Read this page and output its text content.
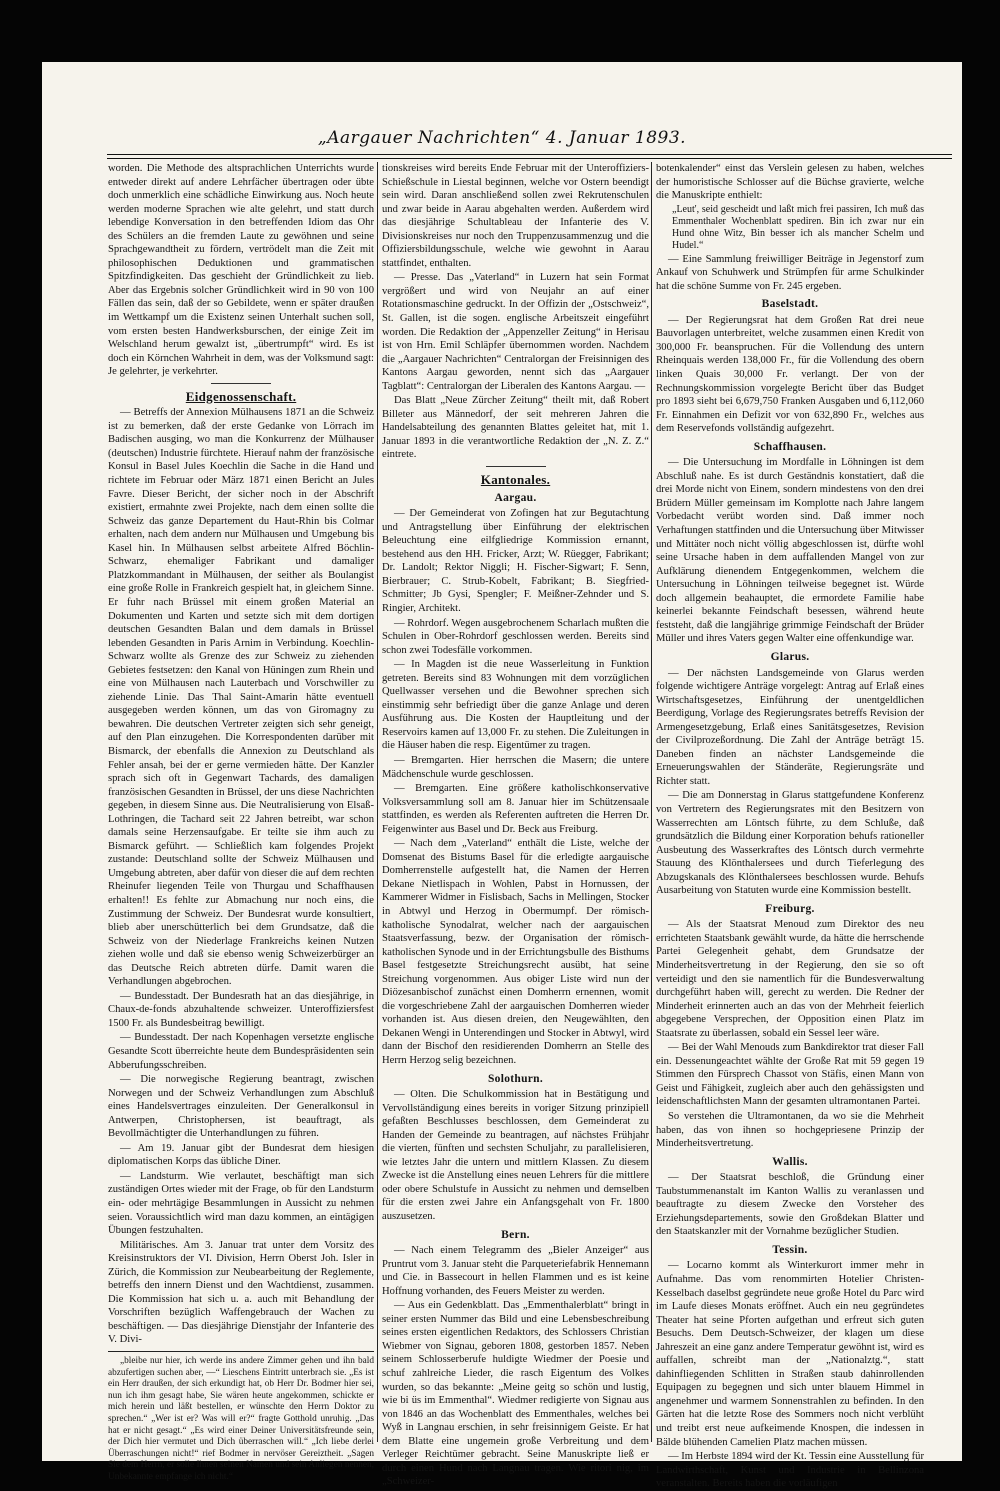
„Aargauer Nachrichten“ 4. Januar 1893.

worden. Die Methode des altsprachlichen Unterrichts wurde entweder direkt auf andere Lehrfächer übertragen oder übte doch unmerklich eine schädliche Einwirkung aus. Noch heute werden moderne Sprachen wie alte gelehrt, und statt durch lebendige Konversation in den betreffenden Idiom das Ohr des Schülers an die fremden Laute zu gewöhnen und seine Sprachgewandtheit zu fördern, vertrödelt man die Zeit mit philosophischen Deduktionen und grammatischen Spitzfindigkeiten. Das geschieht der Gründlichkeit zu lieb. Aber das Ergebnis solcher Gründlichkeit wird in 90 von 100 Fällen das sein, daß der so Gebildete, wenn er später draußen im Wettkampf um die Existenz seinen Unterhalt suchen soll, vom ersten besten Handwerksburschen, der einige Zeit im Welschland herum gewalzt ist, „übertrumpft“ wird. Es ist doch ein Körnchen Wahrheit in dem, was der Volksmund sagt: Je gelehrter, je verkehrter.

Eidgenossenschaft.

— Betreffs der Annexion Mülhausens 1871 an die Schweiz ist zu bemerken, daß der erste Gedanke von Lörrach im Badischen ausging, wo man die Konkurrenz der Mülhauser (deutschen) Industrie fürchtete. Hierauf nahm der französische Konsul in Basel Jules Koechlin die Sache in die Hand und richtete im Februar oder März 1871 einen Bericht an Jules Favre. Dieser Bericht, der sicher noch in der Abschrift existiert, ermahnte zwei Projekte, nach dem einen sollte die Schweiz das ganze Departement du Haut-Rhin bis Colmar erhalten, nach dem andern nur Mülhausen und Umgebung bis Kasel hin. In Mülhausen selbst arbeitete Alfred Böchlin-Schwarz, ehemaliger Fabrikant und damaliger Platzkommandant in Mülhausen, der seither als Boulangist eine große Rolle in Frankreich gespielt hat, in gleichem Sinne. Er fuhr nach Brüssel mit einem großen Material an Dokumenten und Karten und setzte sich mit dem dortigen deutschen Gesandten Balan und dem damals in Brüssel lebenden Gesandten in Paris Arnim in Verbindung. Koechlin-Schwarz wollte als Grenze des zur Schweiz zu ziehenden Gebietes festsetzen: den Kanal von Hüningen zum Rhein und eine von Mülhausen nach Lauterbach und Vorschwiller zu ziehende Linie. Das Thal Saint-Amarin hätte eventuell ausgegeben werden können, um das von Giromagny zu bewahren. Die deutschen Vertreter zeigten sich sehr geneigt, auf den Plan einzugehen. Die Korrespondenten darüber mit Bismarck, der ebenfalls die Annexion zu Deutschland als Fehler ansah, bei der er gerne vermieden hätte. Der Kanzler sprach sich oft in Gegenwart Tachards, des damaligen französischen Gesandten in Brüssel, der uns diese Nachrichten gegeben, in diesem Sinne aus. Die Neutralisierung von Elsaß-Lothringen, die Tachard seit 22 Jahren betreibt, war schon damals seine Herzensaufgabe. Er teilte sie ihm auch zu Bismarck geführt. — Schließlich kam folgendes Projekt zustande: Deutschland sollte der Schweiz Mülhausen und Umgebung abtreten, aber dafür von dieser die auf dem rechten Rheinufer liegenden Teile von Thurgau und Schaffhausen erhalten!! Es fehlte zur Abmachung nur noch eins, die Zustimmung der Schweiz. Der Bundesrat wurde konsultiert, blieb aber unerschütterlich bei dem Grundsatze, daß die Schweiz von der Niederlage Frankreichs keinen Nutzen ziehen wolle und daß sie ebenso wenig Schweizerbürger an das Deutsche Reich abtreten dürfe. Damit waren die Verhandlungen abgebrochen.

— Bundesstadt. Der Bundesrath hat an das diesjährige, in Chaux-de-fonds abzuhaltende schweizer. Unteroffiziersfest 1500 Fr. als Bundesbeitrag bewilligt.

— Bundesstadt. Der nach Kopenhagen versetzte englische Gesandte Scott überreichte heute dem Bundespräsidenten sein Abberufungsschreiben.

— Die norwegische Regierung beantragt, zwischen Norwegen und der Schweiz Verhandlungen zum Abschluß eines Handelsvertrages einzuleiten. Der Generalkonsul in Antwerpen, Christophersen, ist beauftragt, als Bevollmächtigter die Unterhandlungen zu führen.

— Am 19. Januar gibt der Bundesrat dem hiesigen diplomatischen Korps das übliche Diner.

— Landsturm. Wie verlautet, beschäftigt man sich zuständigen Ortes wieder mit der Frage, ob für den Landsturm ein- oder mehrtägige Besammlungen in Aussicht zu nehmen seien. Voraussichtlich wird man dazu kommen, an eintägigen Übungen festzuhalten.

Militärisches. Am 3. Januar trat unter dem Vorsitz des Kreisinstruktors der VI. Division, Herrn Oberst Joh. Isler in Zürich, die Kommission zur Neubearbeitung der Reglemente, betreffs den innern Dienst und den Wachtdienst, zusammen. Die Kommission hat sich u. a. auch mit Behandlung der Vorschriften bezüglich Waffengebrauch der Wachen zu beschäftigen. — Das diesjährige Dienstjahr der Infanterie des V. Divi-

„bleibe nur hier, ich werde ins andere Zimmer gehen und ihn bald abzufertigen suchen aber, —“ Lieschens Eintritt unterbrach sie. „Es ist ein Herr draußen, der sich erkundigt hat, ob Herr Dr. Bodmer hier sei, nun ich ihm gesagt habe, Sie wären heute angekommen, schickte er mich herein und läßt bestellen, er wünschte den Herrn Doktor zu sprechen.“ „Wer ist er? Was will er?“ fragte Gotthold unruhig. „Das hat er nicht gesagt.“ „Es wird einer Deiner Universitätsfreunde sein, der Dich hier vermutet und Dich überraschen will.“ „Ich liebe derlei Überraschungen nicht!“ rief Bodmer in nervöser Gereiztheit. „Sagen Sie dem Herrn, er solle Ihnen seinen Namen und sein Anliegen nennen, Unbekannte empfange ich nicht.“

tionskreises wird bereits Ende Februar mit der Unteroffiziers-Schießschule in Liestal beginnen, welche vor Ostern beendigt sein wird. Daran anschließend sollen zwei Rekrutenschulen und zwar beide in Aarau abgehalten werden. Außerdem wird das diesjährige Schultableau der Infanterie des V. Divisionskreises nur noch den Truppenzusammenzug und die Offiziersbildungsschule, welche wie gewohnt in Aarau stattfindet, enthalten.

— Presse. Das „Vaterland“ in Luzern hat sein Format vergrößert und wird von Neujahr an auf einer Rotationsmaschine gedruckt. In der Offizin der „Ostschweiz“, St. Gallen, ist die sogen. englische Arbeitszeit eingeführt worden. Die Redaktion der „Appenzeller Zeitung“ in Herisau ist von Hrn. Emil Schläpfer übernommen worden. Nachdem die „Aargauer Nachrichten“ Centralorgan der Freisinnigen des Kantons Aargau geworden, nennt sich das „Aargauer Tagblatt“: Centralorgan der Liberalen des Kantons Aargau. —

Das Blatt „Neue Zürcher Zeitung“ theilt mit, daß Robert Billeter aus Männedorf, der seit mehreren Jahren die Handelsabteilung des genannten Blattes geleitet hat, mit 1. Januar 1893 in die verantwortliche Redaktion der „N. Z. Z.“ eintrete.

Kantonales.
Aargau.

— Der Gemeinderat von Zofingen hat zur Begutachtung und Antragstellung über Einführung der elektrischen Beleuchtung eine eilfgliedrige Kommission ernannt, bestehend aus den HH. Fricker, Arzt; W. Rüegger, Fabrikant; Dr. Landolt; Rektor Niggli; H. Fischer-Sigwart; F. Senn, Bierbrauer; C. Strub-Kobelt, Fabrikant; B. Siegfried-Schmitter; Jb Gysi, Spengler; F. Meißner-Zehnder und S. Ringier, Architekt.

— Rohrdorf. Wegen ausgebrochenem Scharlach mußten die Schulen in Ober-Rohrdorf geschlossen werden. Bereits sind schon zwei Todesfälle vorkommen.

— In Magden ist die neue Wasserleitung in Funktion getreten. Bereits sind 83 Wohnungen mit dem vorzüglichen Quellwasser versehen und die Bewohner sprechen sich einstimmig sehr befriedigt über die ganze Anlage und deren Ausführung aus. Die Kosten der Hauptleitung und der Reservoirs kamen auf 13,000 Fr. zu stehen. Die Zuleitungen in die Häuser haben die resp. Eigentümer zu tragen.

— Bremgarten. Hier herrschen die Masern; die untere Mädchenschule wurde geschlossen.

— Bremgarten. Eine größere katholischkonservative Volksversammlung soll am 8. Januar hier im Schützensaale stattfinden, es werden als Referenten auftreten die Herren Dr. Feigenwinter aus Basel und Dr. Beck aus Freiburg.

— Nach dem „Vaterland“ enthält die Liste, welche der Domsenat des Bistums Basel für die erledigte aargauische Domherrenstelle aufgestellt hat, die Namen der Herren Dekane Nietlispach in Wohlen, Pabst in Hornussen, der Kammerer Widmer in Fislisbach, Sachs in Mellingen, Stocker in Abtwyl und Herzog in Obermumpf. Der römisch-katholische Synodalrat, welcher nach der aargauischen Staatsverfassung, bezw. der Organisation der römisch-katholischen Synode und in der Errichtungsbulle des Bisthums Basel festgesetzte Streichungsrecht ausübt, hat seine Streichung vorgenommen. Aus obiger Liste wird nun der Diözesanbischof zunächst einen Domherrn ernennen, womit die vorgeschriebene Zahl der aargauischen Domherren wieder vorhanden ist. Aus diesen dreien, den Neugewählten, den Dekanen Wengi in Unterendingen und Stocker in Abtwyl, wird dann der Bischof den residierenden Domherrn an Stelle des Herrn Herzog selig bezeichnen.

Solothurn.

— Olten. Die Schulkommission hat in Bestätigung und Vervollständigung eines bereits in voriger Sitzung prinzipiell gefaßten Beschlusses beschlossen, dem Gemeinderat zu Handen der Gemeinde zu beantragen, auf nächstes Frühjahr die vierten, fünften und sechsten Schuljahr, zu parallelisieren, wie letztes Jahr die untern und mittlern Klassen. Zu diesem Zwecke ist die Anstellung eines neuen Lehrers für die mittlere oder obere Schulstufe in Aussicht zu nehmen und demselben für die ersten zwei Jahre ein Anfangsgehalt von Fr. 1800 auszusetzen.

Bern.

— Nach einem Telegramm des „Bieler Anzeiger“ aus Pruntrut vom 3. Januar steht die Parqueteriefabrik Hennemann und Cie. in Bassecourt in hellen Flammen und es ist keine Hoffnung vorhanden, des Feuers Meister zu werden.

— Aus ein Gedenkblatt. Das „Emmenthalerblatt“ bringt in seiner ersten Nummer das Bild und eine Lebensbeschreibung seines ersten eigentlichen Redaktors, des Schlossers Christian Wiebmer von Signau, geboren 1808, gestorben 1857. Neben seinem Schlosserberufe huldigte Wiedmer der Poesie und schuf zahlreiche Lieder, die rasch Eigentum des Volkes wurden, so das bekannte: „Meine geitg so schön und lustig, wie bi üs im Emmenthal“. Wiedmer redigierte von Signau aus von 1846 an das Wochenblatt des Emmenthales, welches bei Wyß in Langnau erschien, in sehr freisinnigem Geiste. Er hat dem Blatte eine ungemein große Verbreitung und dem Verleger Reichtümer gebracht. Seine Manuskripte ließ er durch einen Hund nach Langnau tragen. Wie ritori nig, im „Schweizer-

botenkalender“ einst das Verslein gelesen zu haben, welches der humoristische Schlosser auf die Büchse gravierte, welche die Manuskripte enthielt:

„Leut', seid gescheidt und laßt mich frei passiren, Ich muß das Emmenthaler Wochenblatt spediren. Bin ich zwar nur ein Hund ohne Witz, Bin besser ich als mancher Schelm und Hudel.“

— Eine Sammlung freiwilliger Beiträge in Jegenstorf zum Ankauf von Schuhwerk und Strümpfen für arme Schulkinder hat die schöne Summe von Fr. 245 ergeben.

Baselstadt.

— Der Regierungsrat hat dem Großen Rat drei neue Bauvorlagen unterbreitet, welche zusammen einen Kredit von 300,000 Fr. beanspruchen. Für die Vollendung des untern Rheinquais werden 138,000 Fr., für die Vollendung des obern linken Quais 30,000 Fr. verlangt. Der von der Rechnungskommission vorgelegte Bericht über das Budget pro 1893 sieht bei 6,679,750 Franken Ausgaben und 6,112,060 Fr. Einnahmen ein Defizit vor von 632,890 Fr., welches aus dem Reservefonds vollständig aufgezehrt.

Schaffhausen.

— Die Untersuchung im Mordfalle in Löhningen ist dem Abschluß nahe. Es ist durch Geständnis konstatiert, daß die drei Morde nicht von Einem, sondern mindestens von den drei Brüdern Müller gemeinsam im Komplotte nach Jahre langem Vorbedacht verübt worden sind. Daß immer noch Verhaftungen stattfinden und die Untersuchung über Mitwisser und Mittäter noch nicht völlig abgeschlossen ist, dürfte wohl seine Ursache haben in dem auffallenden Mangel von zur Aufklärung dienendem Entgegenkommen, welchem die Untersuchung in Löhningen teilweise begegnet ist. Würde doch allgemein beahauptet, die ermordete Familie habe keinerlei bekannte Feindschaft besessen, während heute feststeht, daß die langjährige grimmige Feindschaft der Brüder Müller und ihres Vaters gegen Walter eine offenkundige war.

Glarus.

— Der nächsten Landsgemeinde von Glarus werden folgende wichtigere Anträge vorgelegt: Antrag auf Erlaß eines Wirtschaftsgesetzes, Einführung der unentgeldlichen Beerdigung, Vorlage des Regierungsrates betreffs Revision der Armengesetzgebung, Erlaß eines Sanitätsgesetzes, Revision der Civilprozeßordnung. Die Zahl der Anträge beträgt 15. Daneben finden an nächster Landsgemeinde die Erneuerungswahlen der Ständeräte, Regierungsräte und Richter statt.

— Die am Donnerstag in Glarus stattgefundene Konferenz von Vertretern des Regierungsrates mit den Besitzern von Wasserrechten am Löntsch führte, zu dem Schluße, daß grundsätzlich die Bildung einer Korporation behufs rationeller Ausbeutung des Wasserkraftes des Löntsch durch vermehrte Stauung des Klönthalersees und durch Tieferlegung des Abzugskanals des Klönthalersees beschlossen wurde. Behufs Ausarbeitung von Statuten wurde eine Kommission bestellt.

Freiburg.

— Als der Staatsrat Menoud zum Direktor des neu errichteten Staatsbank gewählt wurde, da hätte die herrschende Partei Gelegenheit gehabt, dem Grundsatze der Minderheitsvertretung in der Regierung, den sie so oft verteidigt und den sie namentlich für die Bundesverwaltung durchgeführt haben will, gerecht zu werden. Die Redner der Minderheit erinnerten auch an das von der Mehrheit feierlich abgegebene Versprechen, der Opposition einen Platz im Staatsrate zu überlassen, sobald ein Sessel leer wäre.

— Bei der Wahl Menouds zum Bankdirektor trat dieser Fall ein. Dessenungeachtet wählte der Große Rat mit 59 gegen 19 Stimmen den Fürsprech Chassot von Stäfis, einen Mann von Geist und Fähigkeit, zugleich aber auch den gehässigsten und leidenschaftlichsten Mann der gesamten ultramontanen Partei.

So verstehen die Ultramontanen, da wo sie die Mehrheit haben, das von ihnen so hochgepriesene Prinzip der Minderheitsvertretung.

Wallis.

— Der Staatsrat beschloß, die Gründung einer Taubstummenanstalt im Kanton Wallis zu veranlassen und beauftragte zu diesem Zwecke den Vorsteher des Erziehungsdepartements, sowie den Großdekan Blatter und den Staatskanzler mit der Vornahme bezüglicher Studien.

Tessin.

— Locarno kommt als Winterkurort immer mehr in Aufnahme. Das vom renommirten Hotelier Christen-Kesselbach daselbst gegründete neue große Hotel du Parc wird im Laufe dieses Monats eröffnet. Auch ein neu gegründetes Theater hat seine Pforten aufgethan und erfreut sich guten Besuchs. Dem Deutsch-Schweizer, der klagen um diese Jahreszeit an eine ganz andere Temperatur gewöhnt ist, wird es auffallen, schreibt man der „Nationalztg.“, statt dahinfliegenden Schlitten in Straßen staub dahinrollenden Equipagen zu begegnen und sich unter blauem Himmel in angenehmer und warmem Sonnenstrahlen zu befinden. In den Gärten hat die letzte Rose des Sommers noch nicht verblüht und treibt erst neue aufkeimende Knospen, die indessen in Bälde blühenden Camelien Platz machen müssen.

— Im Herbste 1894 wird der Kt. Tessin eine Ausstellung für Landwirthschaft, Kunst und Industrie in Bellinzona veranstalten. Bereits haben die vorläufigen
